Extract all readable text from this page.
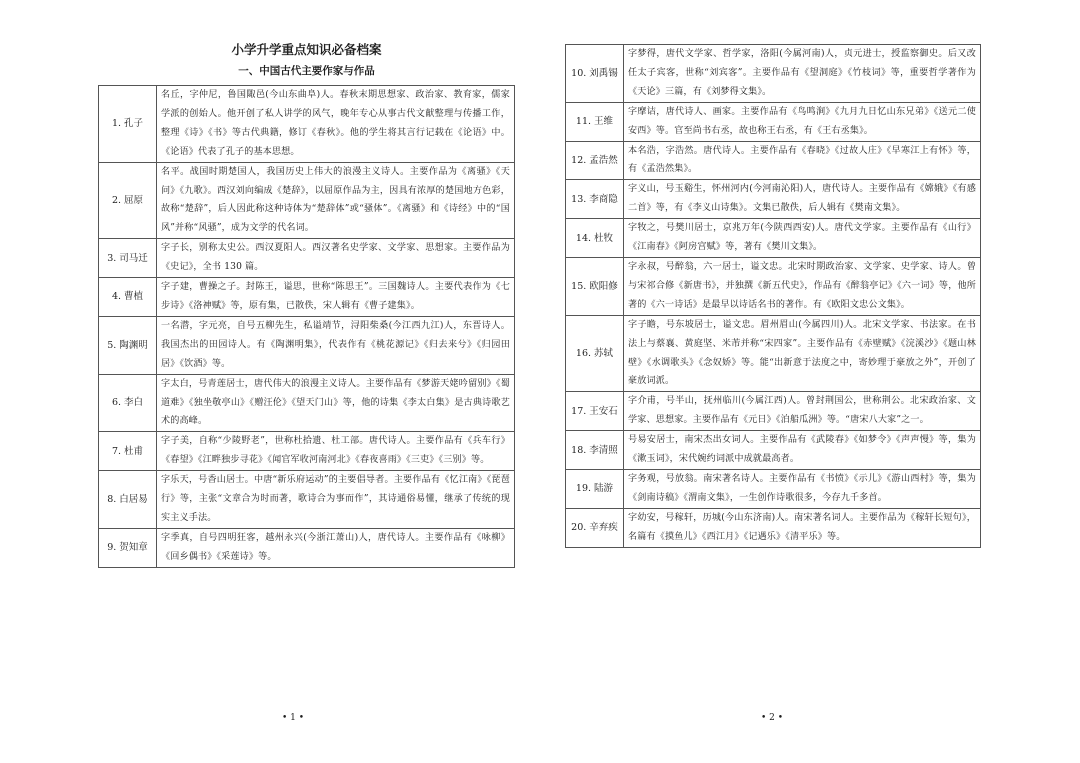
小学升学重点知识必备档案
一、中国古代主要作家与作品
1. 孔子	名丘，字仲尼，鲁国陬邑(今山东曲阜)人。春秋末期思想家、政治家、教育家，儒家学派的创始人。他开创了私人讲学的风气，晚年专心从事古代文献整理与传播工作，整理《诗》《书》等古代典籍，修订《春秋》。他的学生将其言行记载在《论语》中。《论语》代表了孔子的基本思想。
2. 屈原	名平。战国时期楚国人，我国历史上伟大的浪漫主义诗人。主要作品为《离骚》《天问》《九歌》。西汉刘向编成《楚辞》，以屈原作品为主，因具有浓厚的楚国地方色彩，故称“楚辞”，后人因此称这种诗体为“楚辞体”或“骚体”。《离骚》和《诗经》中的“国风”并称“风骚”，成为文学的代名词。
3. 司马迁	字子长，别称太史公。西汉夏阳人。西汉著名史学家、文学家、思想家。主要作品为《史记》，全书 130 篇。
4. 曹植	字子建，曹操之子。封陈王，谥思，世称“陈思王”。三国魏诗人。主要代表作为《七步诗》《洛神赋》等，原有集，已散佚，宋人辑有《曹子建集》。
5. 陶渊明	一名潜，字元亮，自号五柳先生，私谥靖节，浔阳柴桑(今江西九江)人，东晋诗人。我国杰出的田园诗人。有《陶渊明集》，代表作有《桃花源记》《归去来兮》《归园田居》《饮酒》等。
6. 李白	字太白，号青莲居士，唐代伟大的浪漫主义诗人。主要作品有《梦游天姥吟留别》《蜀道难》《独坐敬亭山》《赠汪伦》《望天门山》等，他的诗集《李太白集》是古典诗歌艺术的高峰。
7. 杜甫	字子美，自称“少陵野老”，世称杜拾遗、杜工部。唐代诗人。主要作品有《兵车行》《春望》《江畔独步寻花》《闻官军收河南河北》《春夜喜雨》《三吏》《三别》等。
8. 白居易	字乐天，号香山居士。中唐“新乐府运动”的主要倡导者。主要作品有《忆江南》《琵琶行》等，主张“文章合为时而著，歌诗合为事而作”，其诗通俗易懂，继承了传统的现实主义手法。
9. 贺知章	字季真，自号四明狂客，越州永兴(今浙江萧山)人，唐代诗人。主要作品有《咏柳》《回乡偶书》《采莲诗》等。
10. 刘禹锡	字梦得，唐代文学家、哲学家，洛阳(今属河南)人，贞元进士，授监察御史。后又改任太子宾客，世称“刘宾客”。主要作品有《望洞庭》《竹枝词》等，重要哲学著作为《天论》三篇，有《刘梦得文集》。
11. 王维	字摩诘，唐代诗人、画家。主要作品有《鸟鸣涧》《九月九日忆山东兄弟》《送元二使安西》等。官至尚书右丞，故也称王右丞，有《王右丞集》。
12. 孟浩然	本名浩，字浩然。唐代诗人。主要作品有《春晓》《过故人庄》《早寒江上有怀》等，有《孟浩然集》。
13. 李商隐	字义山，号玉谿生，怀州河内(今河南沁阳)人，唐代诗人。主要作品有《嫦娥》《有感二首》等，有《李义山诗集》。文集已散佚，后人辑有《樊南文集》。
14. 杜牧	字牧之，号樊川居士，京兆万年(今陕西西安)人。唐代文学家。主要作品有《山行》《江南春》《阿房宫赋》等，著有《樊川文集》。
15. 欧阳修	字永叔，号醉翁，六一居士，谥文忠。北宋时期政治家、文学家、史学家、诗人。曾与宋祁合修《新唐书》，并独撰《新五代史》，作品有《醉翁亭记》《六一词》等，他所著的《六一诗话》是最早以诗话名书的著作。有《欧阳文忠公文集》。
16. 苏轼	字子瞻，号东坡居士，谥文忠。眉州眉山(今属四川)人。北宋文学家、书法家。在书法上与蔡襄、黄庭坚、米芾并称“宋四家”。主要作品有《赤壁赋》《浣溪沙》《题山林壁》《水调歌头》《念奴娇》等。能“出新意于法度之中，寄妙理于豪放之外”，开创了豪放词派。
17. 王安石	字介甫，号半山，抚州临川(今属江西)人。曾封荆国公，世称荆公。北宋政治家、文学家、思想家。主要作品有《元日》《泊船瓜洲》等。“唐宋八大家”之一。
18. 李清照	号易安居士，南宋杰出女词人。主要作品有《武陵春》《如梦令》《声声慢》等，集为《漱玉词》，宋代婉约词派中成就最高者。
19. 陆游	字务观，号放翁。南宋著名诗人。主要作品有《书愤》《示儿》《游山西村》等，集为《剑南诗稿》《渭南文集》，一生创作诗歌很多，今存九千多首。
20. 辛弃疾	字幼安，号稼轩，历城(今山东济南)人。南宋著名词人。主要作品为《稼轩长短句》，名篇有《摸鱼儿》《西江月》《记遇乐》《清平乐》等。
• 1 •	• 2 •
